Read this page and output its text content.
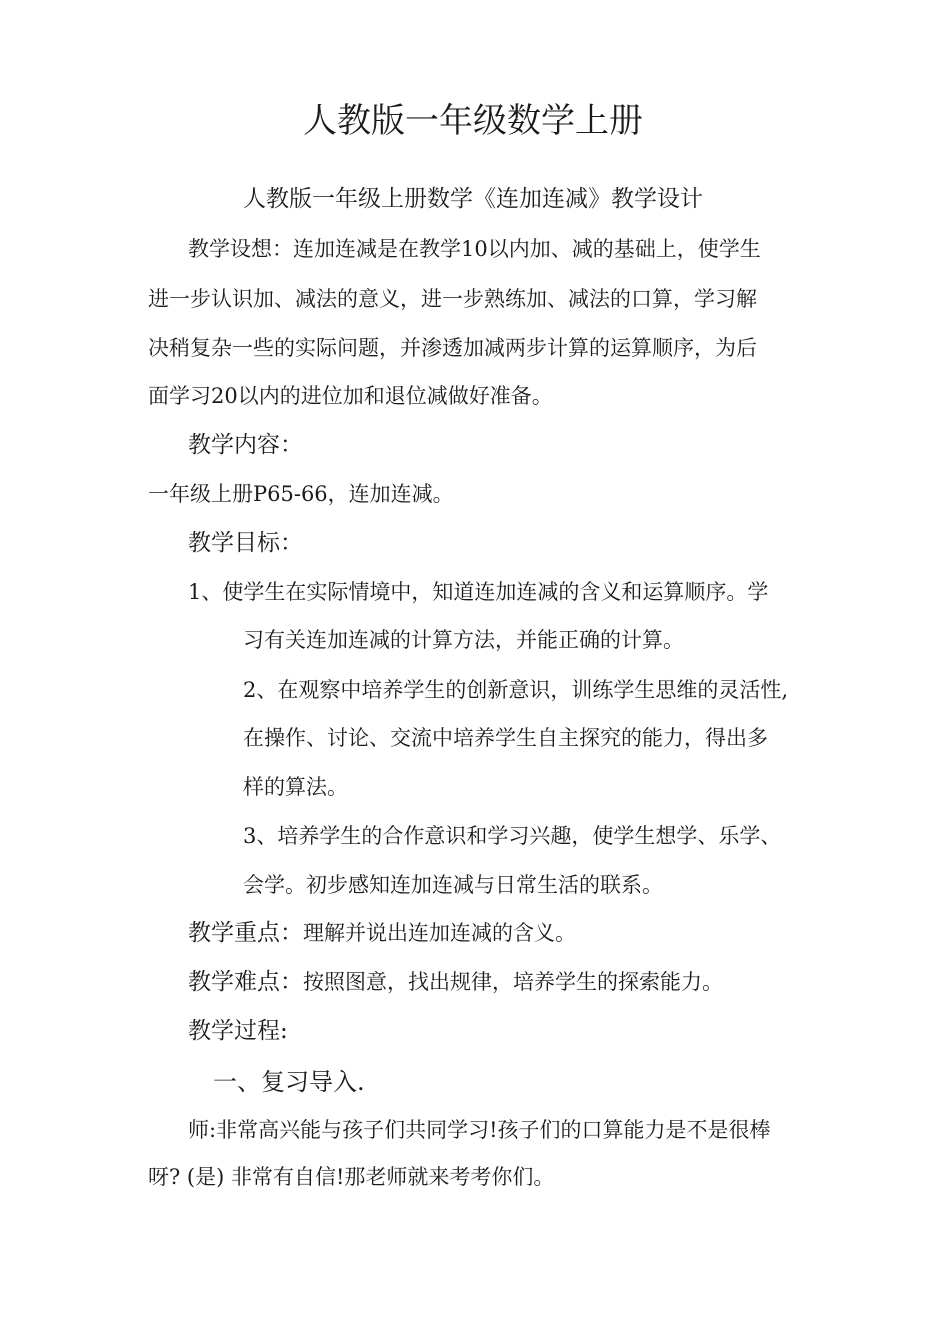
人教版一年级数学上册
人教版一年级上册数学《连加连减》教学设计
教学设想：连加连减是在教学10以内加、减的基础上，使学生
进一步认识加、减法的意义，进一步熟练加、减法的口算，学习解
决稍复杂一些的实际问题，并渗透加减两步计算的运算顺序，为后
面学习20以内的进位加和退位减做好准备。
教学内容：
一年级上册P65-66，连加连减。
教学目标：
1、使学生在实际情境中，知道连加连减的含义和运算顺序。学
习有关连加连减的计算方法，并能正确的计算。
2、在观察中培养学生的创新意识，训练学生思维的灵活性,
在操作、讨论、交流中培养学生自主探究的能力，得出多
样的算法。
3、培养学生的合作意识和学习兴趣，使学生想学、乐学、
会学。初步感知连加连减与日常生活的联系。
教学重点：理解并说出连加连减的含义。
教学难点：按照图意，找出规律，培养学生的探索能力。
教学过程:
一、复习导入.
师:非常高兴能与孩子们共同学习!孩子们的口算能力是不是很棒
呀? (是) 非常有自信!那老师就来考考你们。
